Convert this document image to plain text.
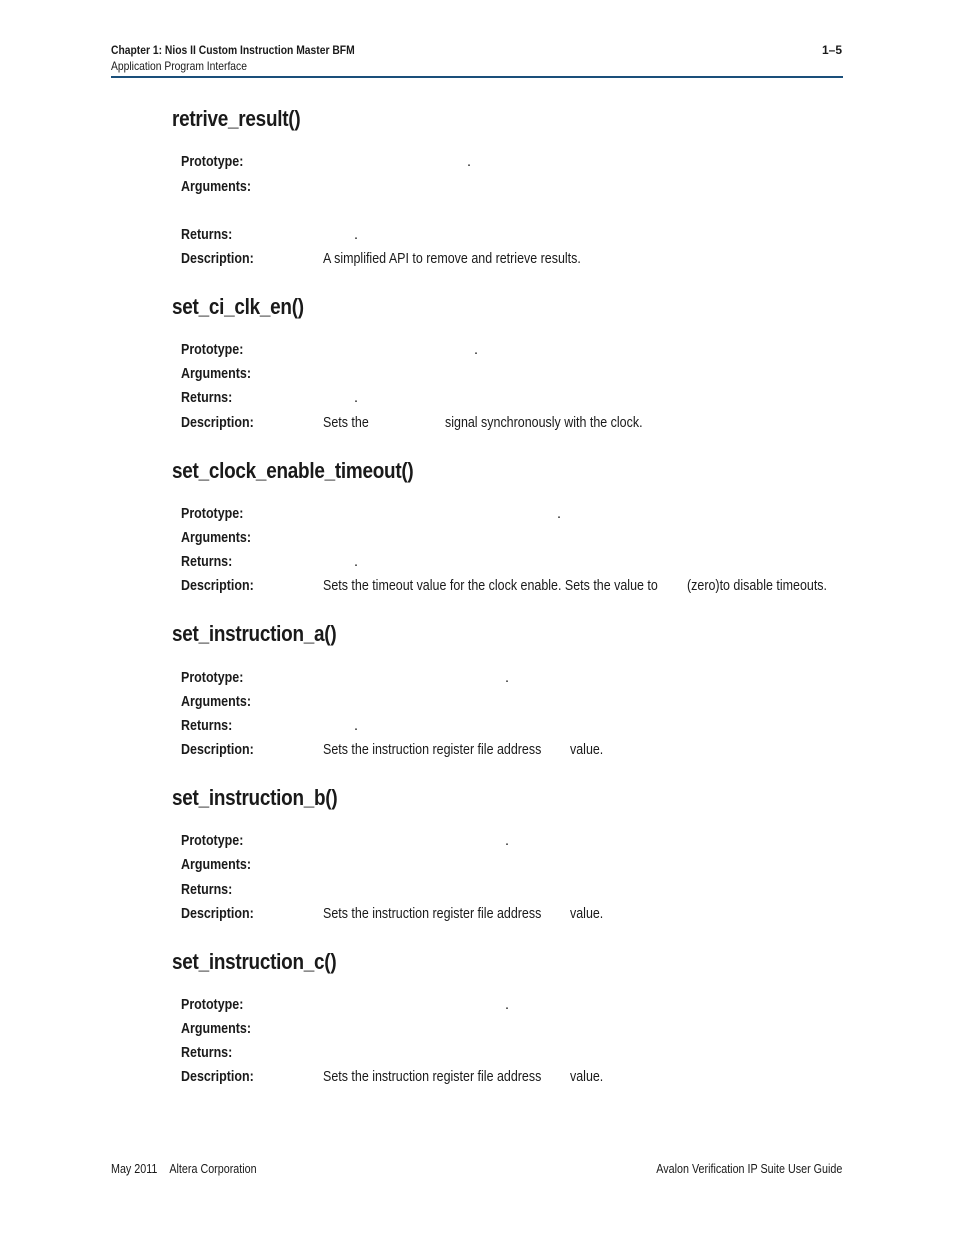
Chapter 1: Nios II Custom Instruction Master BFM
Application Program Interface
1–5
retrive_result()
Prototype:	.
Arguments:
Returns:	.
Description:	A simplified API to remove and retrieve results.
set_ci_clk_en()
Prototype:	.
Arguments:
Returns:	.
Description:	Sets the	signal synchronously with the clock.
set_clock_enable_timeout()
Prototype:	.
Arguments:
Returns:	.
Description:	Sets the timeout value for the clock enable. Sets the value to	(zero)to disable timeouts.
set_instruction_a()
Prototype:	.
Arguments:
Returns:	.
Description:	Sets the instruction register file address	value.
set_instruction_b()
Prototype:	.
Arguments:
Returns:
Description:	Sets the instruction register file address	value.
set_instruction_c()
Prototype:	.
Arguments:
Returns:
Description:	Sets the instruction register file address	value.
May 2011 Altera Corporation	Avalon Verification IP Suite User Guide
